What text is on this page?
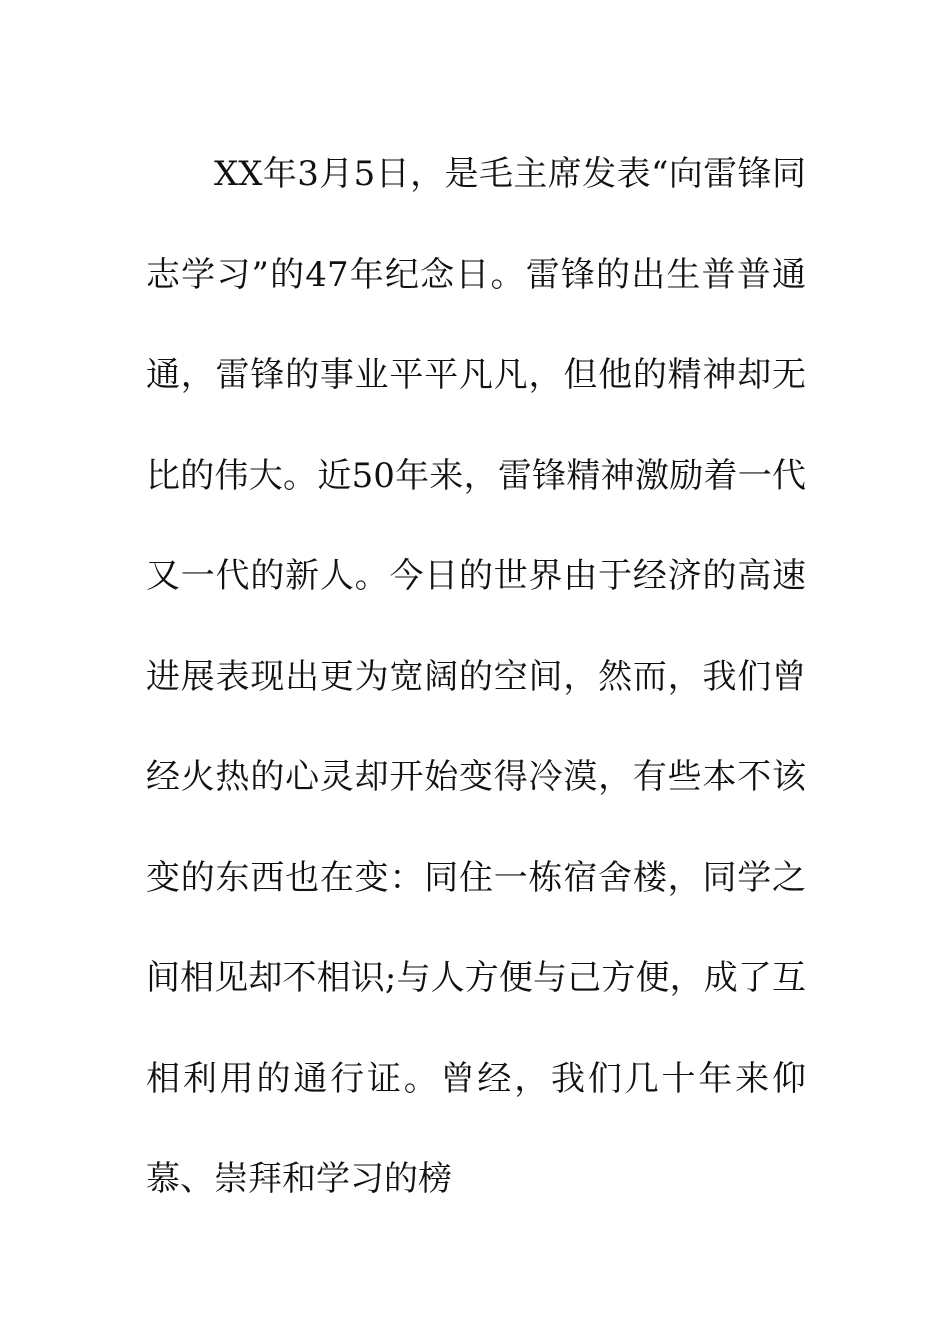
XX年3月5日，是毛主席发表“向雷锋同志学习”的47年纪念日。雷锋的出生普普通通，雷锋的事业平平凡凡，但他的精神却无比的伟大。近50年来，雷锋精神激励着一代又一代的新人。今日的世界由于经济的高速进展表现出更为宽阔的空间，然而，我们曾经火热的心灵却开始变得冷漠，有些本不该变的东西也在变：同住一栋宿舍楼，同学之间相见却不相识;与人方便与己方便，成了互相利用的通行证。曾经，我们几十年来仰慕、崇拜和学习的榜
